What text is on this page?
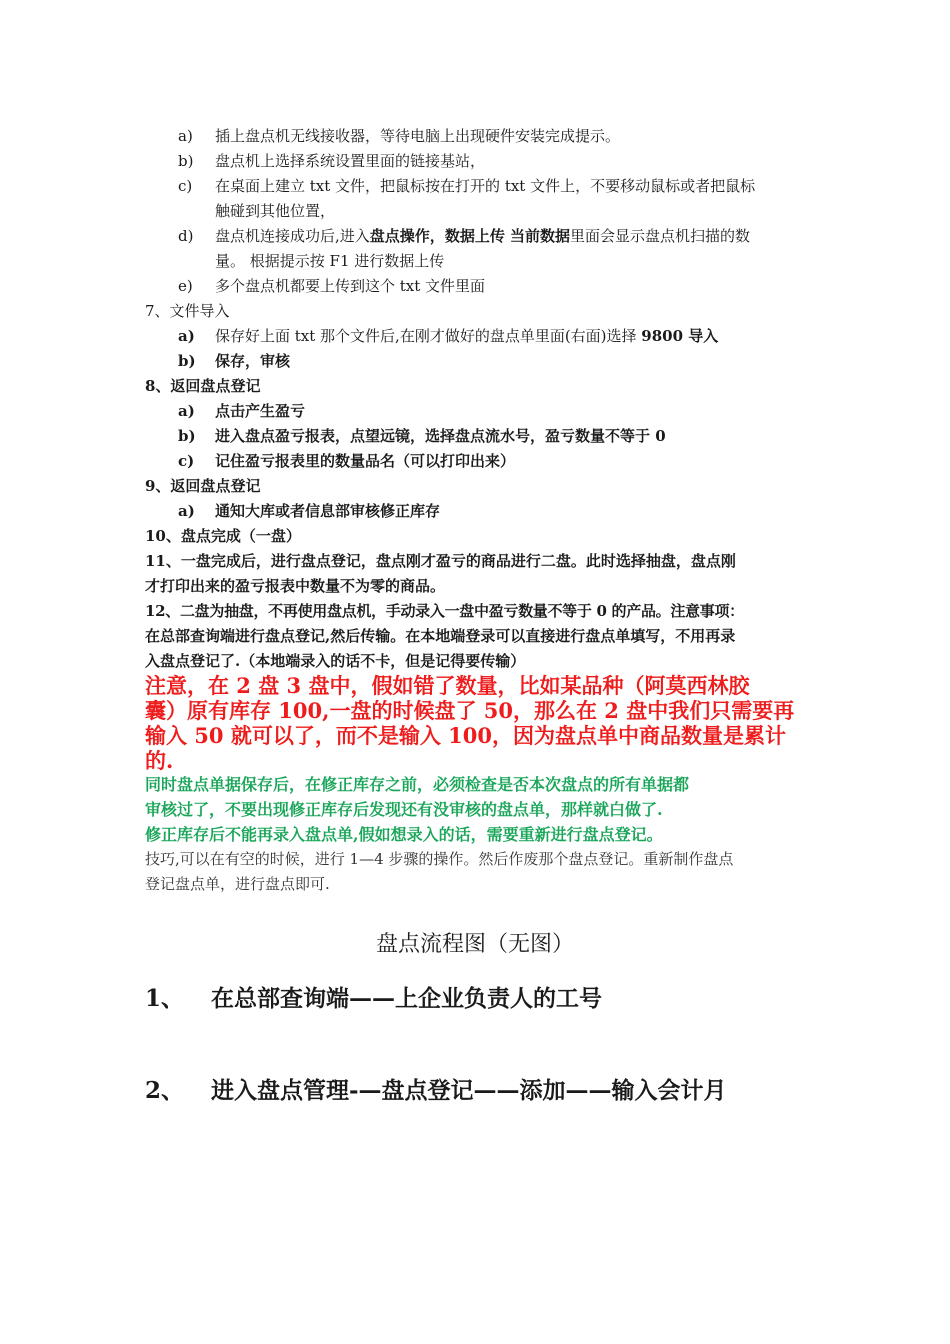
a)	插上盘点机无线接收器，等待电脑上出现硬件安装完成提示。
b)	盘点机上选择系统设置里面的链接基站，
c)	在桌面上建立 txt 文件，把鼠标按在打开的 txt 文件上，不要移动鼠标或者把鼠标
触碰到其他位置，
d)	盘点机连接成功后,进入盘点操作，数据上传 当前数据里面会显示盘点机扫描的数
量。 根据提示按 F1 进行数据上传
e)	多个盘点机都要上传到这个 txt 文件里面
7、文件导入
a)	保存好上面 txt 那个文件后,在刚才做好的盘点单里面(右面)选择 9800 导入
b)	保存，审核
8、返回盘点登记
a)	点击产生盈亏
b)	进入盘点盈亏报表，点望远镜，选择盘点流水号，盈亏数量不等于 0
c)	记住盈亏报表里的数量品名（可以打印出来）
9、返回盘点登记
a)	通知大库或者信息部审核修正库存
10、盘点完成（一盘）
11、一盘完成后，进行盘点登记，盘点刚才盈亏的商品进行二盘。此时选择抽盘，盘点刚
才打印出来的盈亏报表中数量不为零的商品。
12、二盘为抽盘，不再使用盘点机，手动录入一盘中盈亏数量不等于 0 的产品。注意事项：
在总部查询端进行盘点登记,然后传输。在本地端登录可以直接进行盘点单填写，不用再录
入盘点登记了.（本地端录入的话不卡，但是记得要传输）
注意，在 2 盘 3 盘中，假如错了数量，比如某品种（阿莫西林胶
囊）原有库存 100,一盘的时候盘了 50，那么在 2 盘中我们只需要再
输入 50 就可以了，而不是输入 100，因为盘点单中商品数量是累计
的.
同时盘点单据保存后，在修正库存之前，必须检查是否本次盘点的所有单据都
审核过了，不要出现修正库存后发现还有没审核的盘点单，那样就白做了.
修正库存后不能再录入盘点单,假如想录入的话，需要重新进行盘点登记。
技巧,可以在有空的时候，进行 1—4 步骤的操作。然后作废那个盘点登记。重新制作盘点
登记盘点单，进行盘点即可.
盘点流程图（无图）
1、 在总部查询端——上企业负责人的工号
2、 进入盘点管理-—盘点登记——添加——输入会计月
